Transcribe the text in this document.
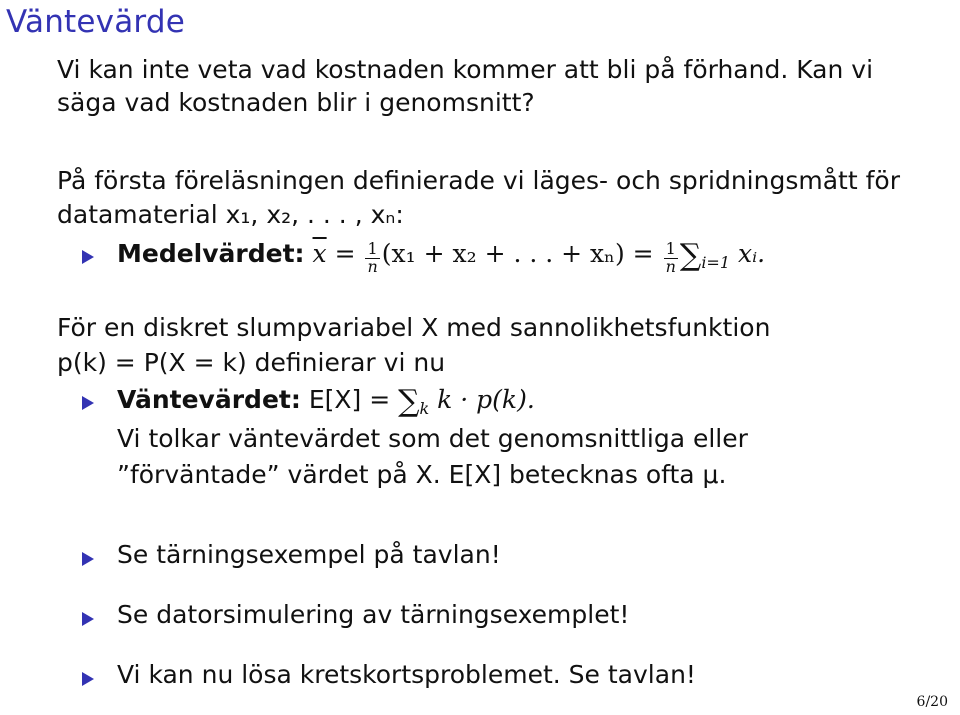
Väntevärde
Vi kan inte veta vad kostnaden kommer att bli på förhand. Kan vi
säga vad kostnaden blir i genomsnitt?
På första föreläsningen definierade vi läges- och spridningsmått för
datamaterial x₁, x₂, . . . , xₙ:
Medelvärdet: $\overline{x} = \frac{1}{n} (x_1 + x_2$ + . . . + $x_n) = \frac{1}{n} \sum_{i=1}$ xᵢ.
För en diskret slumpvariabel X med sannolikhetsfunktion
p(k) = P(X = k) definierar vi nu
Väntevärdet: $E[X] = \sum_k$ k · p(k).
Vi tolkar väntevärdet som det genomsnittliga eller
”förväntade” värdet på X. E[X] betecknas ofta μ.
Se tärningsexempel på tavlan!
Se datorsimulering av tärningsexemplet!
Vi kan nu lösa kretskortsproblemet. Se tavlan!
6/20
